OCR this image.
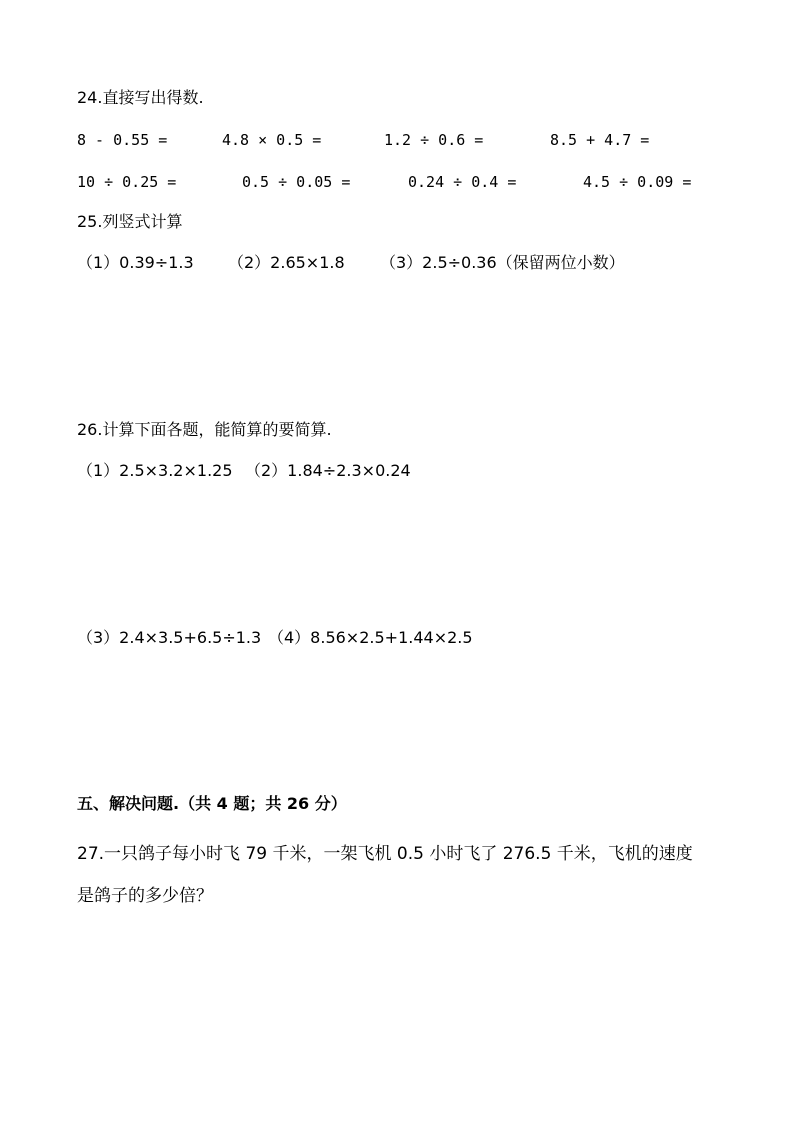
24.直接写出得数.
8 - 0.55 =	4.8 × 0.5 =	1.2 ÷ 0.6 =	8.5 + 4.7 =
10 ÷ 0.25 =	0.5 ÷ 0.05 =	0.24 ÷ 0.4 =	4.5 ÷ 0.09 =
25.列竖式计算
（1）0.39÷1.3 （2）2.65×1.8 （3）2.5÷0.36（保留两位小数）
26.计算下面各题，能简算的要简算.
（1）2.5×3.2×1.25 （2）1.84÷2.3×0.24
（3）2.4×3.5+6.5÷1.3 （4）8.56×2.5+1.44×2.5
五、解决问题.（共 4 题；共 26 分）
27.一只鸽子每小时飞 79 千米，一架飞机 0.5 小时飞了 276.5 千米，飞机的速度
是鸽子的多少倍？
